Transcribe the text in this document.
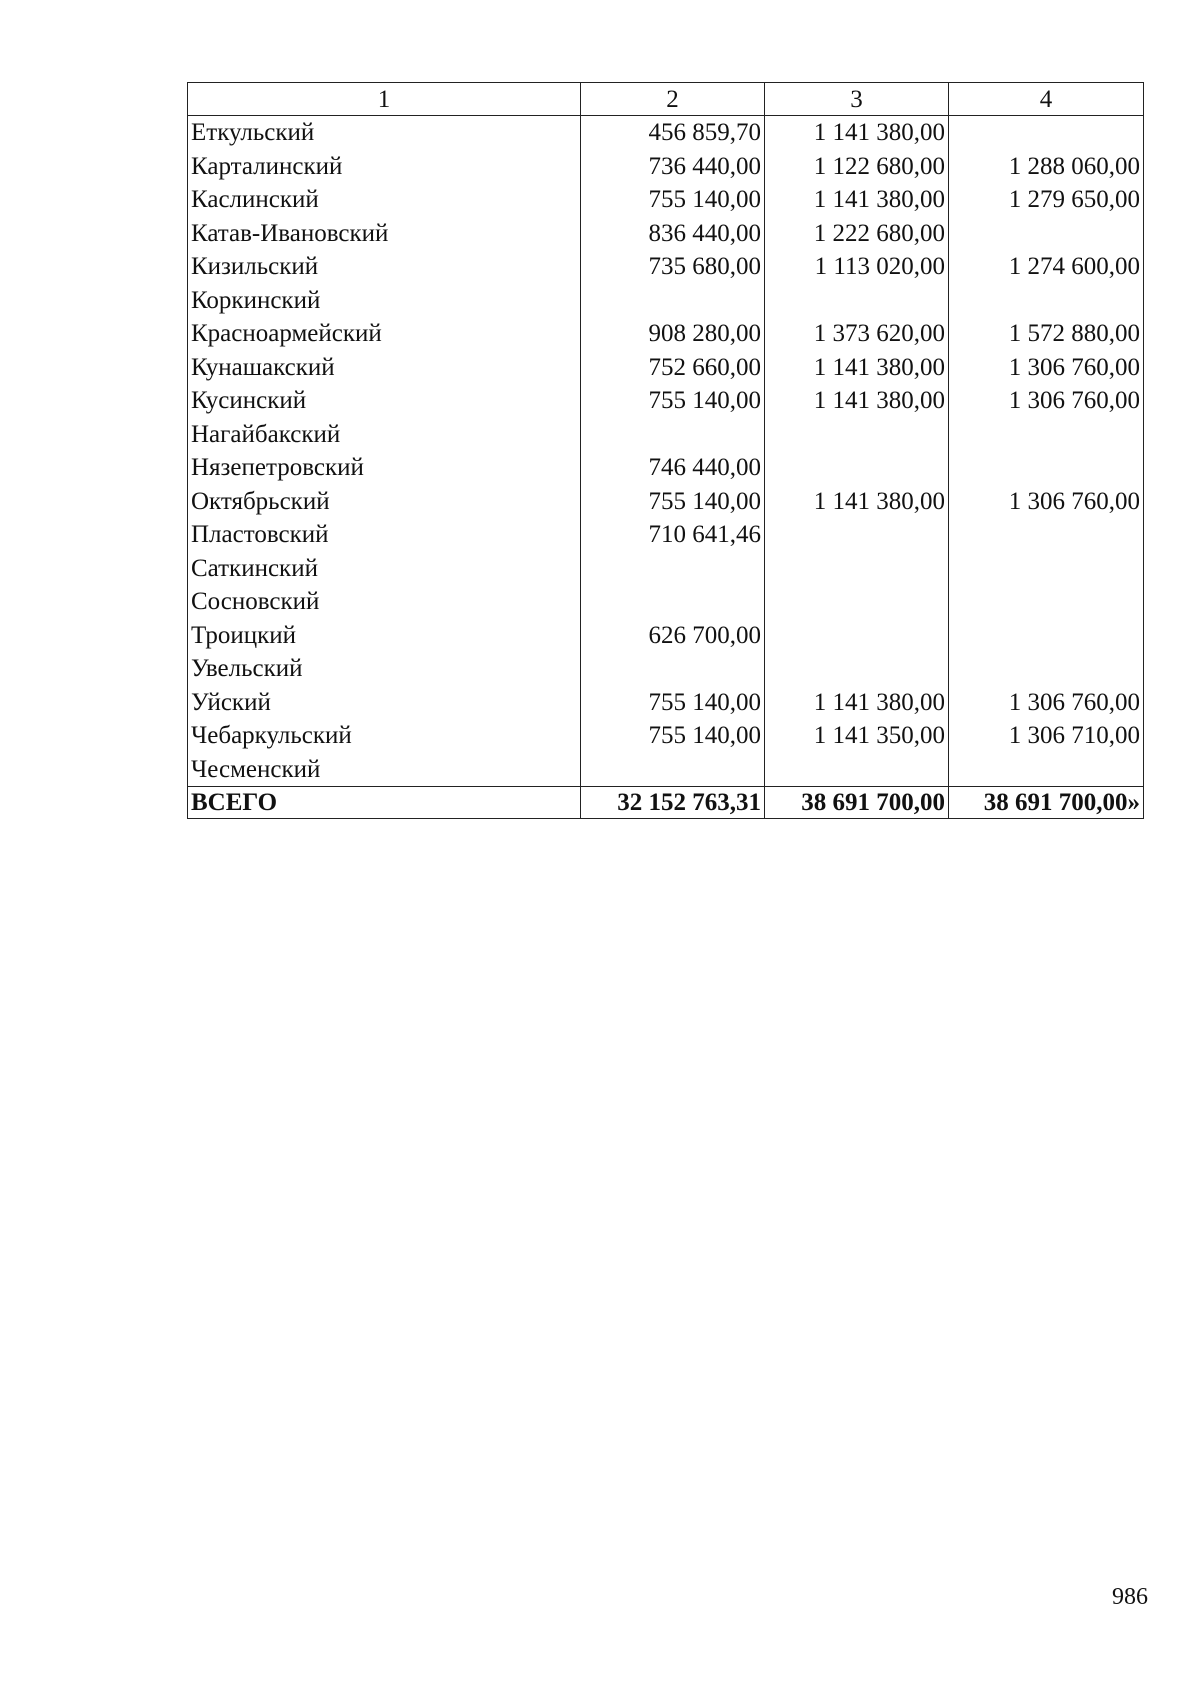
1	2	3	4
Еткульский	456 859,70	1 141 380,00	
Карталинский	736 440,00	1 122 680,00	1 288 060,00
Каслинский	755 140,00	1 141 380,00	1 279 650,00
Катав-Ивановский	836 440,00	1 222 680,00	
Кизильский	735 680,00	1 113 020,00	1 274 600,00
Коркинский			
Красноармейский	908 280,00	1 373 620,00	1 572 880,00
Кунашакский	752 660,00	1 141 380,00	1 306 760,00
Кусинский	755 140,00	1 141 380,00	1 306 760,00
Нагайбакский			
Нязепетровский	746 440,00		
Октябрьский	755 140,00	1 141 380,00	1 306 760,00
Пластовский	710 641,46		
Саткинский			
Сосновский			
Троицкий	626 700,00		
Увельский			
Уйский	755 140,00	1 141 380,00	1 306 760,00
Чебаркульский	755 140,00	1 141 350,00	1 306 710,00
Чесменский			
ВСЕГО	32 152 763,31	38 691 700,00	38 691 700,00»
986
